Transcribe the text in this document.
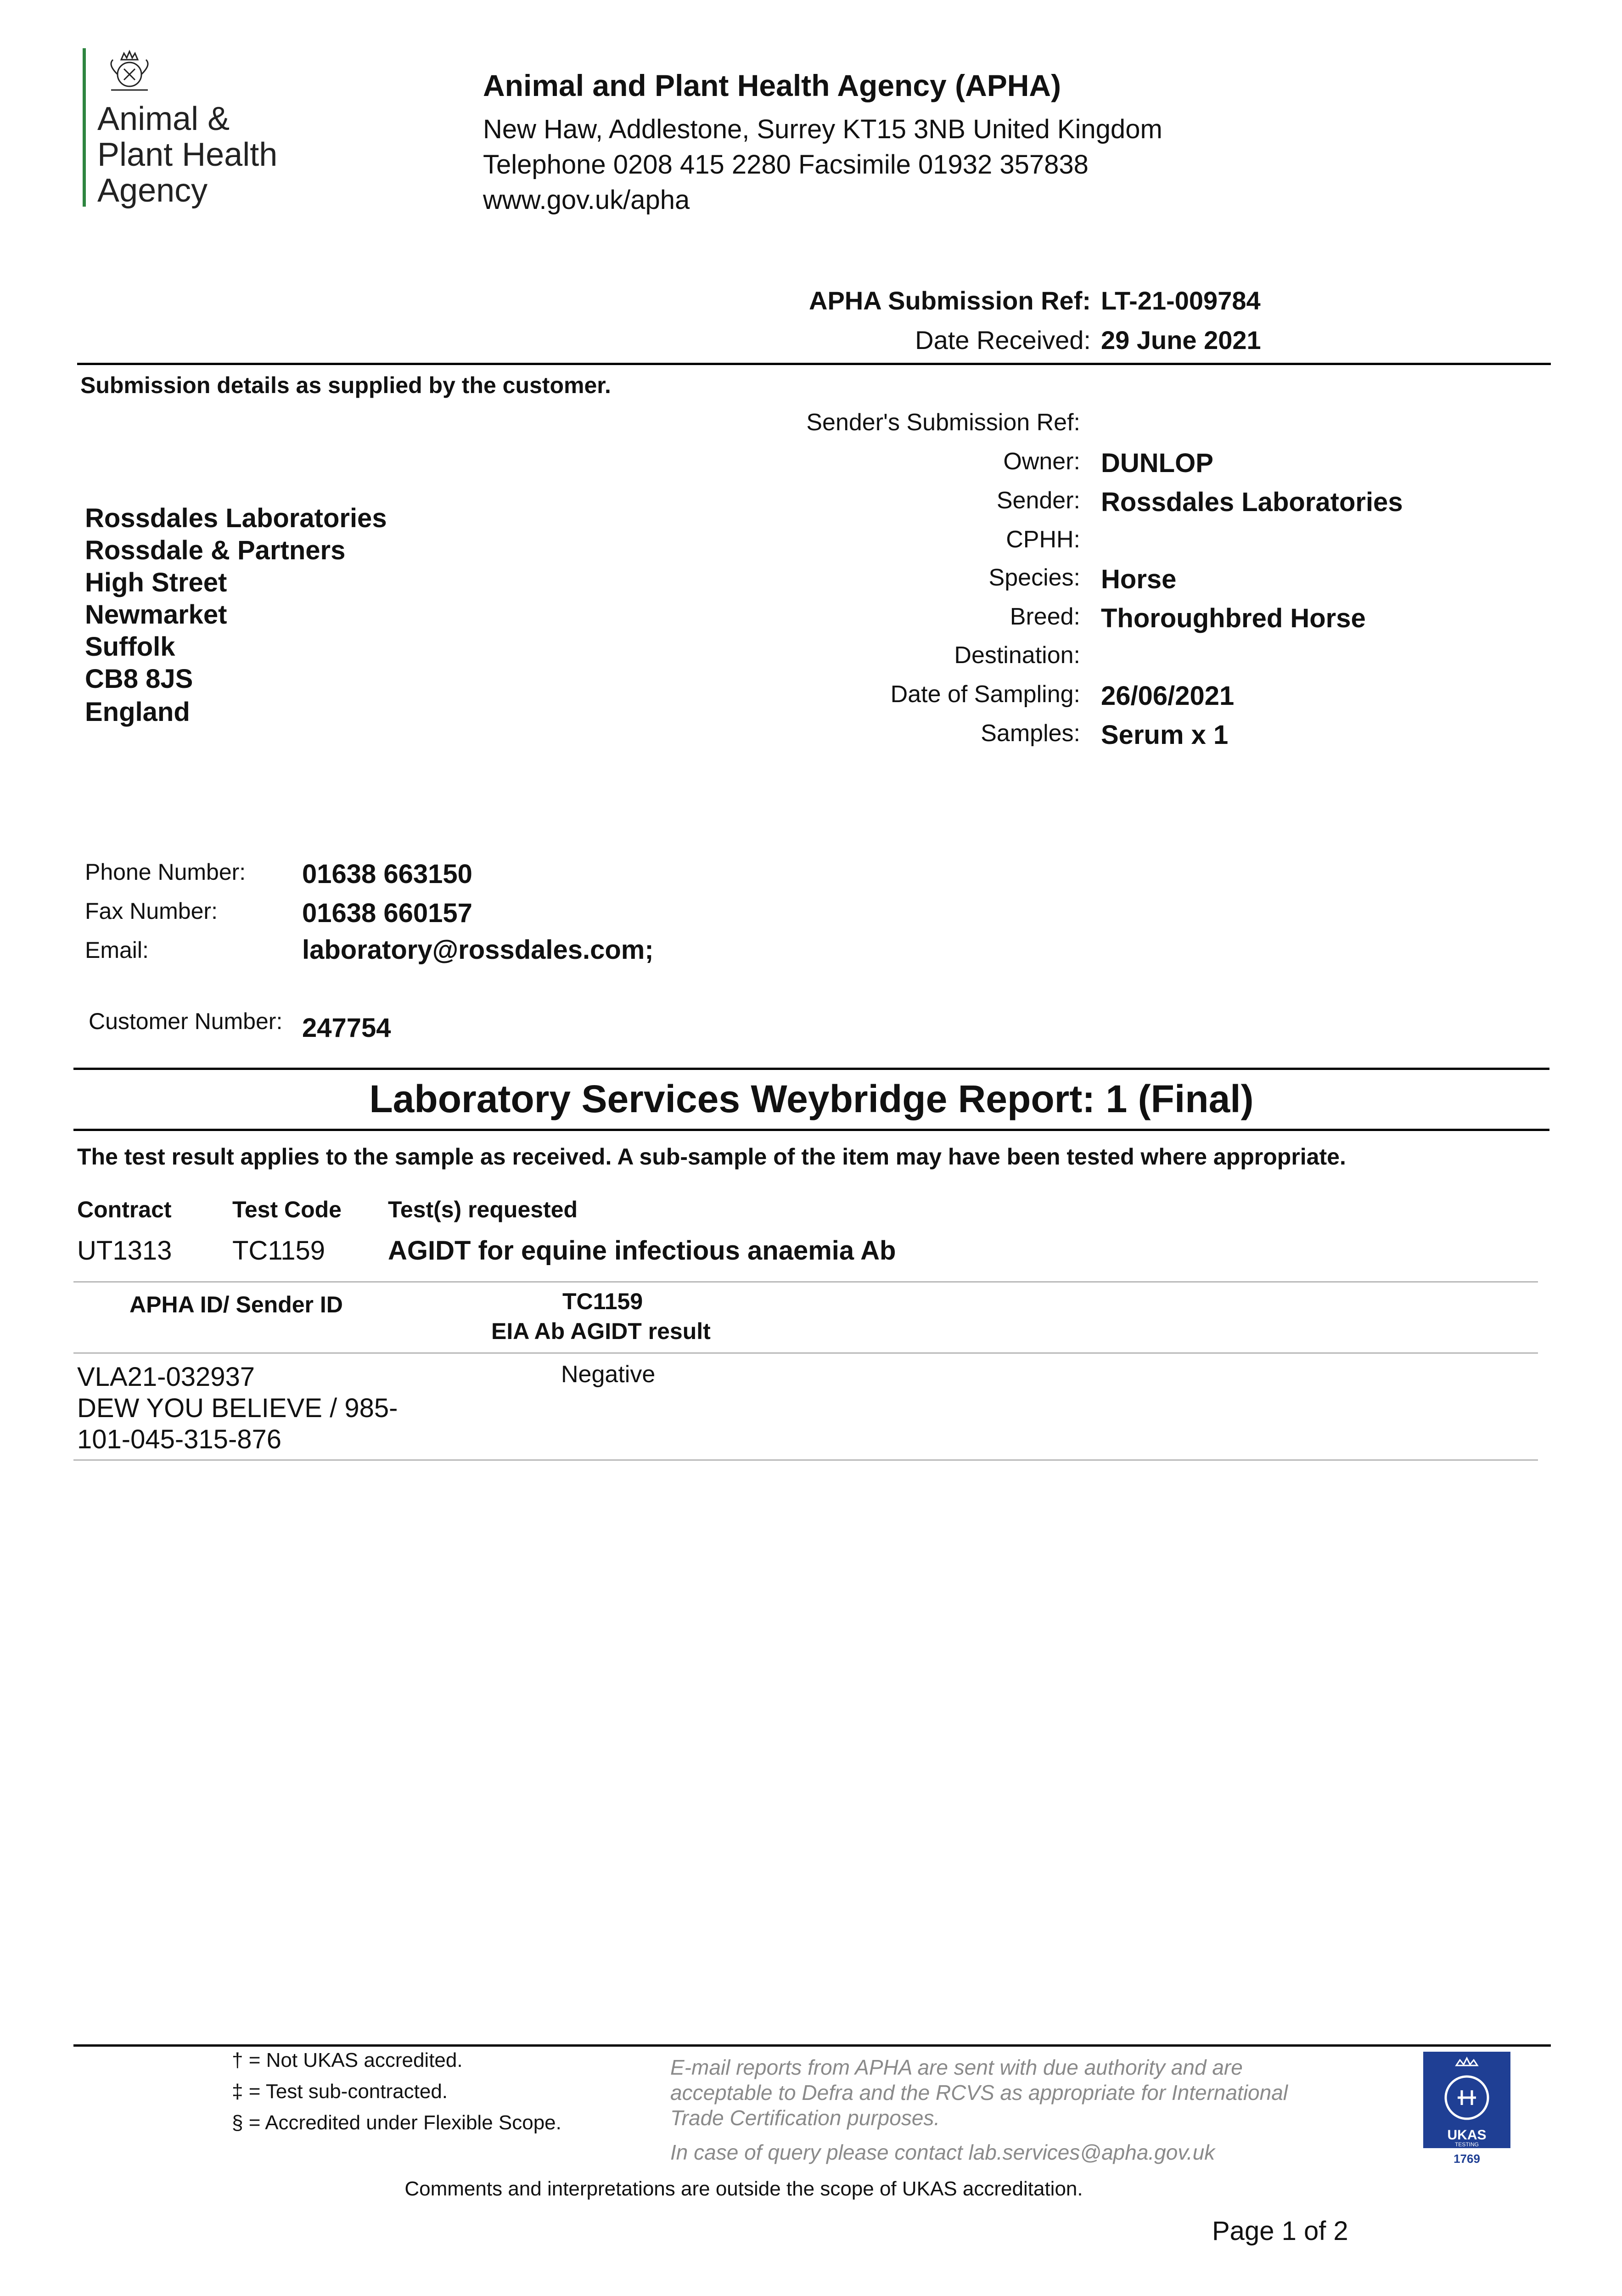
Animal &
Plant Health
Agency
Animal and Plant Health Agency (APHA)
New Haw, Addlestone, Surrey KT15 3NB United Kingdom
Telephone 0208 415 2280 Facsimile 01932 357838
www.gov.uk/apha
APHA Submission Ref: LT-21-009784
Date Received: 29 June 2021
Submission details as supplied by the customer.
Sender's Submission Ref:
Owner: DUNLOP
Sender: Rossdales Laboratories
CPHH:
Species: Horse
Breed: Thoroughbred Horse
Destination:
Date of Sampling: 26/06/2021
Samples: Serum x 1
Rossdales Laboratories
Rossdale & Partners
High Street
Newmarket
Suffolk
CB8 8JS
England
Phone Number: 01638 663150
Fax Number:	01638 660157
Email:	laboratory@rossdales.com;
Customer Number: 247754
Laboratory Services Weybridge Report: 1 (Final)
The test result applies to the sample as received. A sub-sample of the item may have been tested where appropriate.
Contract	Test Code Test(s) requested
UT1313 TC1159 AGIDT for equine infectious anaemia Ab
APHA ID/ Sender ID	TC1159
EIA Ab AGIDT result
VLA21-032937
DEW YOU BELIEVE / 985-
101-045-315-876
Negative
† = Not UKAS accredited.
‡ = Test sub-contracted.
§ = Accredited under Flexible Scope.
E-mail reports from APHA are sent with due authority and are
acceptable to Defra and the RCVS as appropriate for International
Trade Certification purposes.
In case of query please contact lab.services@apha.gov.uk
Comments and interpretations are outside the scope of UKAS accreditation.
Page 1 of 2
UKAS
TESTING
1769
